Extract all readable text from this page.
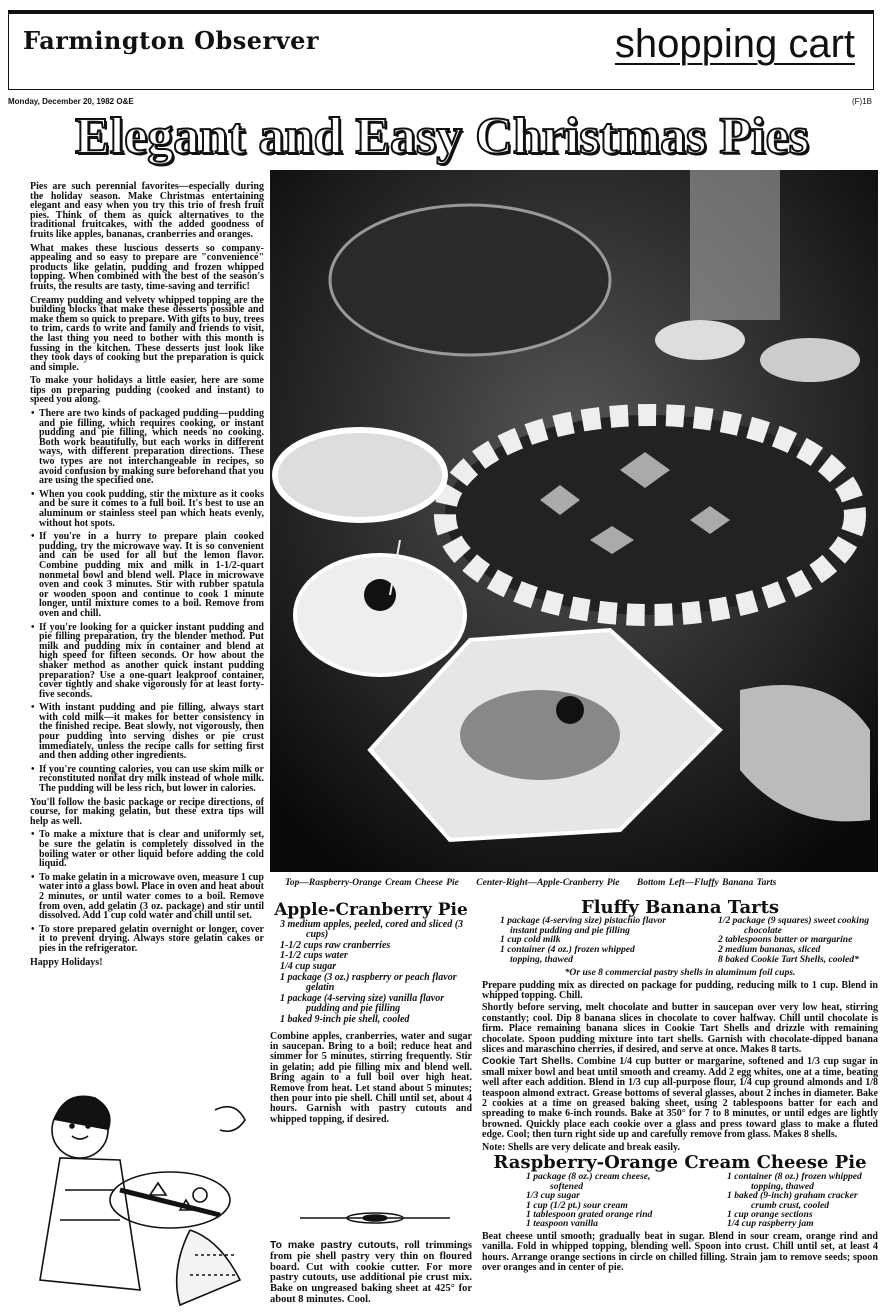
Farmington Observer	shopping cart
Monday, December 20, 1982 O&E	(F)1B

Pies are such perennial favorites—especially during the holiday season. Make Christmas entertaining elegant and easy when you try this trio of fresh fruit pies. Think of them as quick alternatives to the traditional fruitcakes, with the added goodness of fruits like apples, bananas, cranberries and oranges.

What makes these luscious desserts so company-appealing and so easy to prepare are "convenience" products like gelatin, pudding and frozen whipped topping. When combined with the best of the season's fruits, the results are tasty, time-saving and terrific!

Creamy pudding and velvety whipped topping are the building blocks that make these desserts possible and make them so quick to prepare. With gifts to buy, trees to trim, cards to write and family and friends to visit, the last thing you need to bother with this month is fussing in the kitchen. These desserts just look like they took days of cooking but the preparation is quick and simple.

To make your holidays a little easier, here are some tips on preparing pudding (cooked and instant) to speed you along.

• There are two kinds of packaged pudding—pudding and pie filling, which requires cooking, or instant pudding and pie filling, which needs no cooking. Both work beautifully, but each works in different ways, with different preparation directions. These two types are not interchangeable in recipes, so avoid confusion by making sure beforehand that you are using the specified one.
• When you cook pudding, stir the mixture as it cooks and be sure it comes to a full boil. It's best to use an aluminum or stainless steel pan which heats evenly, without hot spots.
• If you're in a hurry to prepare plain cooked pudding, try the microwave way. It is so convenient and can be used for all but the lemon flavor. Combine pudding mix and milk in 1-1/2-quart nonmetal bowl and blend well. Place in microwave oven and cook 3 minutes. Stir with rubber spatula or wooden spoon and continue to cook 1 minute longer, until mixture comes to a boil. Remove from oven and chill.
• If you're looking for a quicker instant pudding and pie filling preparation, try the blender method. Put milk and pudding mix in container and blend at high speed for fifteen seconds. Or how about the shaker method as another quick instant pudding preparation? Use a one-quart leakproof container, cover tightly and shake vigorously for at least forty-five seconds.
• With instant pudding and pie filling, always start with cold milk—it makes for better consistency in the finished recipe. Beat slowly, not vigorously, then pour pudding into serving dishes or pie crust immediately, unless the recipe calls for setting first and then adding other ingredients.
• If you're counting calories, you can use skim milk or reconstituted nonfat dry milk instead of whole milk. The pudding will be less rich, but lower in calories.

You'll follow the basic package or recipe directions, of course, for making gelatin, but these extra tips will help as well.

• To make a mixture that is clear and uniformly set, be sure the gelatin is completely dissolved in the boiling water or other liquid before adding the cold liquid.
• To make gelatin in a microwave oven, measure 1 cup water into a glass bowl. Place in oven and heat about 2 minutes, or until water comes to a boil. Remove from oven, add gelatin (3 oz. package) and stir until dissolved. Add 1 cup cold water and chill until set.
• To store prepared gelatin overnight or longer, cover it to prevent drying. Always store gelatin cakes or pies in the refrigerator.

Happy Holidays!

Elegant and Easy Christmas Pies
Top—Raspberry-Orange Cream Cheese Pie Center-Right—Apple-Cranberry Pie Bottom Left—Fluffy Banana Tarts
Apple-Cranberry Pie
3 medium apples, peeled, cored and sliced (3 cups)
1-1/2 cups raw cranberries
1-1/2 cups water
1/4 cup sugar
1 package (3 oz.) raspberry or peach flavor gelatin
1 package (4-serving size) vanilla flavor pudding and pie filling
1 baked 9-inch pie shell, cooled
Combine apples, cranberries, water and sugar in saucepan. Bring to a boil; reduce heat and simmer for 5 minutes, stirring frequently. Stir in gelatin; add pie filling mix and blend well. Bring again to a full boil over high heat. Remove from heat. Let stand about 5 minutes; then pour into pie shell. Chill until set, about 4 hours. Garnish with pastry cutouts and whipped topping, if desired.
To make pastry cutouts, roll trimmings from pie shell pastry very thin on floured board. Cut with cookie cutter. For more pastry cutouts, use additional pie crust mix. Bake on ungreased baking sheet at 425° for about 8 minutes. Cool.
Fluffy Banana Tarts
1 package (4-serving size) pistachio flavor instant pudding and pie filling
1 cup cold milk
1 container (4 oz.) frozen whipped topping, thawed
1/2 package (9 squares) sweet cooking chocolate
2 tablespoons butter or margarine
2 medium bananas, sliced
8 baked Cookie Tart Shells, cooled*
*Or use 8 commercial pastry shells in aluminum foil cups.

Prepare pudding mix as directed on package for pudding, reducing milk to 1 cup. Blend in whipped topping. Chill.

Shortly before serving, melt chocolate and butter in saucepan over very low heat, stirring constantly; cool. Dip 8 banana slices in chocolate to cover halfway. Chill until chocolate is firm. Place remaining banana slices in Cookie Tart Shells and drizzle with remaining chocolate. Spoon pudding mixture into tart shells. Garnish with chocolate-dipped banana slices and maraschino cherries, if desired, and serve at once. Makes 8 tarts.

Cookie Tart Shells. Combine 1/4 cup butter or margarine, softened and 1/3 cup sugar in small mixer bowl and beat until smooth and creamy. Add 2 egg whites, one at a time, beating well after each addition. Blend in 1/3 cup all-purpose flour, 1/4 cup ground almonds and 1/8 teaspoon almond extract. Grease bottoms of several glasses, about 2 inches in diameter. Bake 2 cookies at a time on greased baking sheet, using 2 tablespoons batter for each and spreading to make 6-inch rounds. Bake at 350° for 7 to 8 minutes, or until edges are lightly browned. Quickly place each cookie over a glass and press toward glass to make a fluted edge. Cool; then turn right side up and carefully remove from glass. Makes 8 shells.

Note: Shells are very delicate and break easily.

Raspberry-Orange Cream Cheese Pie
1 package (8 oz.) cream cheese, softened
1/3 cup sugar
1 cup (1/2 pt.) sour cream
1 tablespoon grated orange rind
1 teaspoon vanilla
1 container (8 oz.) frozen whipped topping, thawed
1 baked (9-inch) graham cracker crumb crust, cooled
1 cup orange sections
1/4 cup raspberry jam

Beat cheese until smooth; gradually beat in sugar. Blend in sour cream, orange rind and vanilla. Fold in whipped topping, blending well. Spoon into crust. Chill until set, at least 4 hours. Arrange orange sections in circle on chilled filling. Strain jam to remove seeds; spoon over oranges and in center of pie.
